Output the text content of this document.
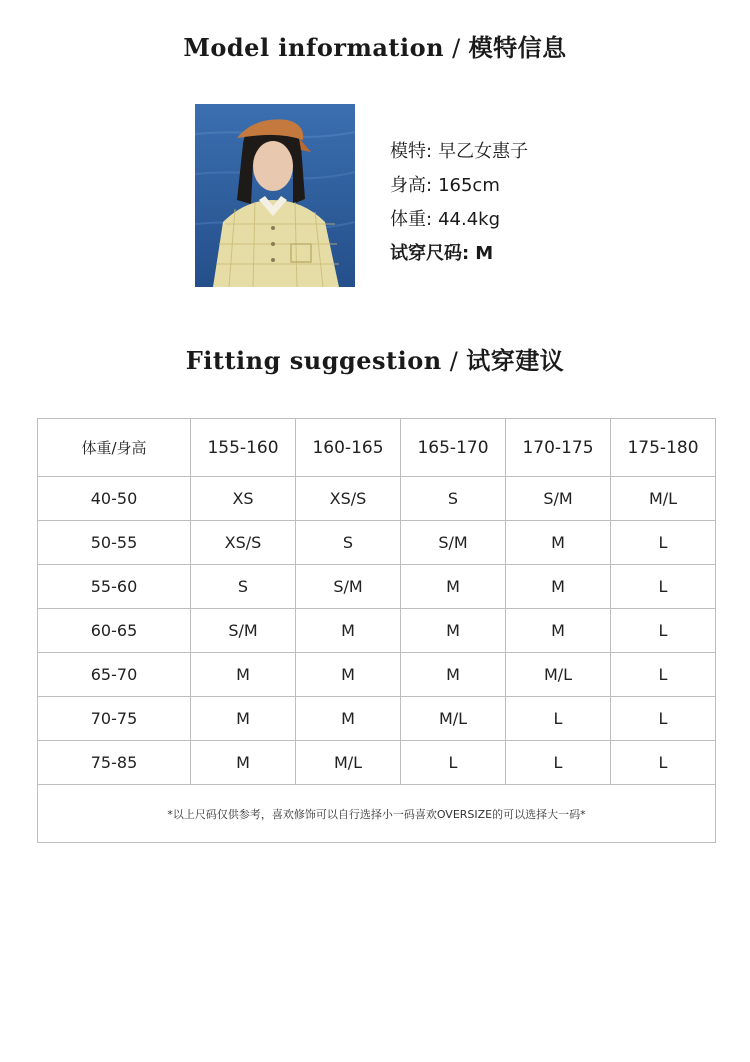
Model information / 模特信息
模特: 早乙女惠子
身高: 165cm
体重: 44.4kg
试穿尺码: M
Fitting suggestion / 试穿建议
体重/身高	155-160	160-165	165-170	170-175	175-180
40-50	XS	XS/S	S	S/M	M/L
50-55	XS/S	S	S/M	M	L
55-60	S	S/M	M	M	L
60-65	S/M	M	M	M	L
65-70	M	M	M	M/L	L
70-75	M	M	M/L	L	L
75-85	M	M/L	L	L	L
*以上尺码仅供参考，喜欢修饰可以自行选择小一码喜欢OVERSIZE的可以选择大一码*					
